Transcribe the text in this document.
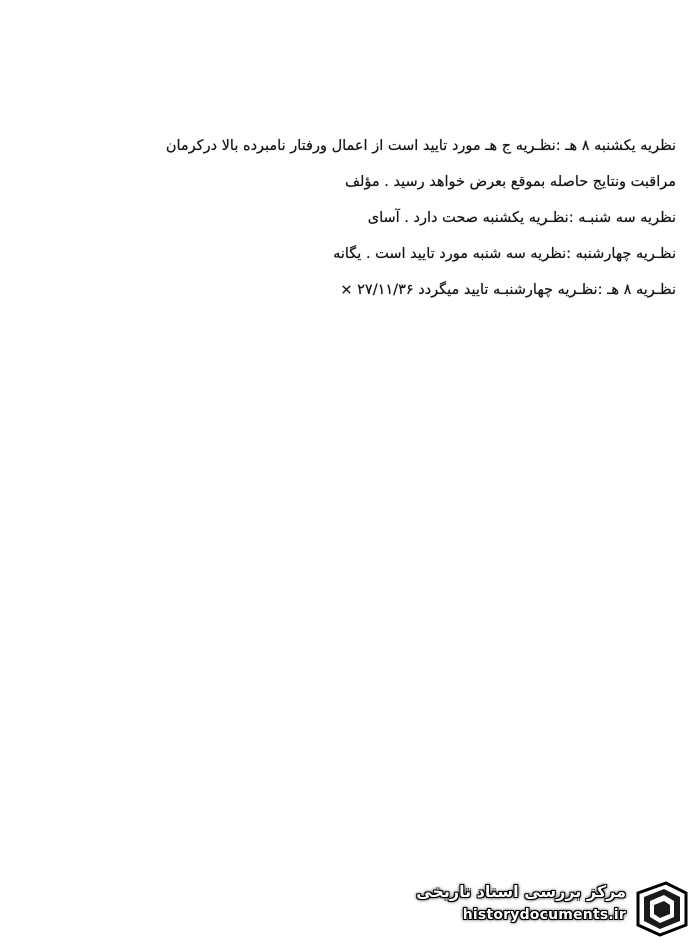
نظریه یکشنبه ۸ هـ :نظـریه ج هـ مورد تایید است از اعمال ورفتار نامبرده بالا درکرمان
مراقبت ونتایج حاصله بموقع بعرض خواهد رسید . مؤلف
نظریه سه شنبـه :نظـریه یکشنبه صحت دارد . آسای
نظـریه چهارشنبه :نظریه سه شنبه مورد تایید است . یگانه
نظـریه ۸ هـ :نظـریه چهارشنبـه تایید میگردد ۲۷/۱۱/۳۶ ×
مرکز بررسی اسناد تاریخی
historydocuments.ir
